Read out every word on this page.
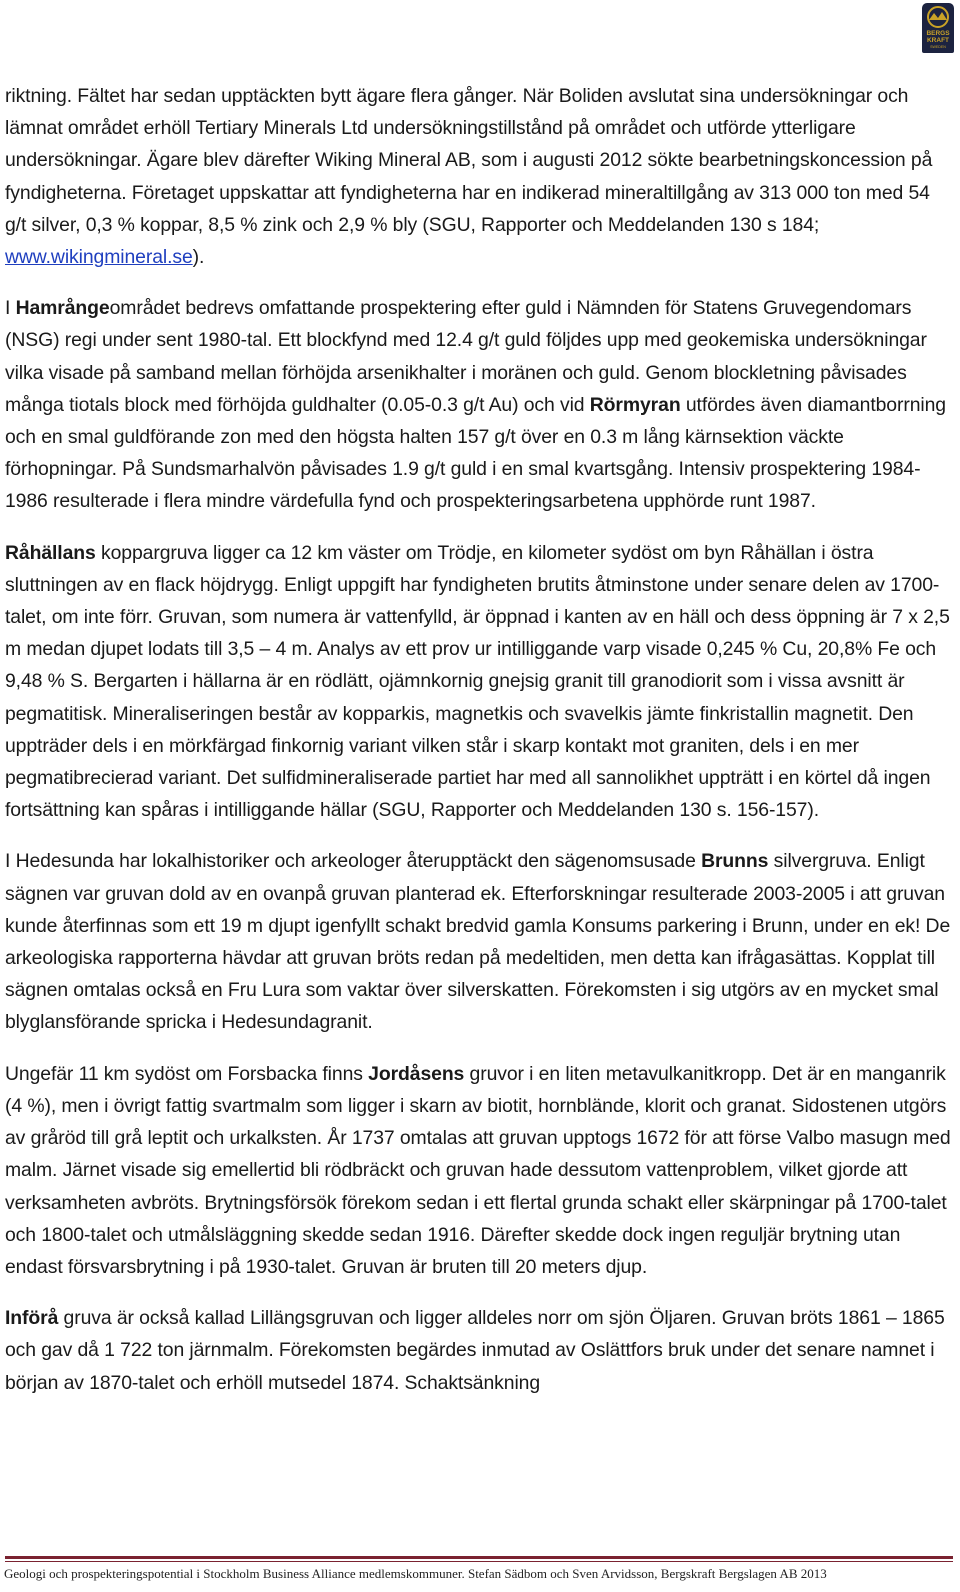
BERGS
KRAFT
SWEDEN

riktning. Fältet har sedan upptäckten bytt ägare flera gånger. När Boliden avslutat sina undersökningar och lämnat området erhöll Tertiary Minerals Ltd undersökningstillstånd på området och utförde ytterligare undersökningar. Ägare blev därefter Wiking Mineral AB, som i augusti 2012 sökte bearbetningskoncession på fyndigheterna. Företaget uppskattar att fyndigheterna har en indikerad mineraltillgång av 313 000 ton med 54 g/t silver, 0,3 % koppar, 8,5 % zink och 2,9 % bly (SGU, Rapporter och Meddelanden 130 s 184; www.wikingmineral.se).

I Hamrångeområdet bedrevs omfattande prospektering efter guld i Nämnden för Statens Gruvegendomars (NSG) regi under sent 1980-tal. Ett blockfynd med 12.4 g/t guld följdes upp med geokemiska undersökningar vilka visade på samband mellan förhöjda arsenikhalter i moränen och guld. Genom blockletning påvisades många tiotals block med förhöjda guldhalter (0.05-0.3 g/t Au) och vid Rörmyran utfördes även diamantborrning och en smal guldförande zon med den högsta halten 157 g/t över en 0.3 m lång kärnsektion väckte förhopningar. På Sundsmarhalvön påvisades 1.9 g/t guld i en smal kvartsgång. Intensiv prospektering 1984-1986 resulterade i flera mindre värdefulla fynd och prospekteringsarbetena upphörde runt 1987.

Råhällans koppargruva ligger ca 12 km väster om Trödje, en kilometer sydöst om byn Råhällan i östra sluttningen av en flack höjdrygg. Enligt uppgift har fyndigheten brutits åtminstone under senare delen av 1700-talet, om inte förr. Gruvan, som numera är vattenfylld, är öppnad i kanten av en häll och dess öppning är 7 x 2,5 m medan djupet lodats till 3,5 – 4 m. Analys av ett prov ur intilliggande varp visade 0,245 % Cu, 20,8% Fe och 9,48 % S. Bergarten i hällarna är en rödlätt, ojämnkornig gnejsig granit till granodiorit som i vissa avsnitt är pegmatitisk. Mineraliseringen består av kopparkis, magnetkis och svavelkis jämte finkristallin magnetit. Den uppträder dels i en mörkfärgad finkornig variant vilken står i skarp kontakt mot graniten, dels i en mer pegmatibrecierad variant. Det sulfidmineraliserade partiet har med all sannolikhet uppträtt i en körtel då ingen fortsättning kan spåras i intilliggande hällar (SGU, Rapporter och Meddelanden 130 s. 156-157).

I Hedesunda har lokalhistoriker och arkeologer återupptäckt den sägenomsusade Brunns silvergruva. Enligt sägnen var gruvan dold av en ovanpå gruvan planterad ek. Efterforskningar resulterade 2003-2005 i att gruvan kunde återfinnas som ett 19 m djupt igenfyllt schakt bredvid gamla Konsums parkering i Brunn, under en ek! De arkeologiska rapporterna hävdar att gruvan bröts redan på medeltiden, men detta kan ifrågasättas. Kopplat till sägnen omtalas också en Fru Lura som vaktar över silverskatten. Förekomsten i sig utgörs av en mycket smal blyglansförande spricka i Hedesundagranit.

Ungefär 11 km sydöst om Forsbacka finns Jordåsens gruvor i en liten metavulkanitkropp. Det är en manganrik (4 %), men i övrigt fattig svartmalm som ligger i skarn av biotit, hornblände, klorit och granat. Sidostenen utgörs av gråröd till grå leptit och urkalksten. År 1737 omtalas att gruvan upptogs 1672 för att förse Valbo masugn med malm. Järnet visade sig emellertid bli rödbräckt och gruvan hade dessutom vattenproblem, vilket gjorde att verksamheten avbröts. Brytningsförsök förekom sedan i ett flertal grunda schakt eller skärpningar på 1700-talet och 1800-talet och utmålsläggning skedde sedan 1916. Därefter skedde dock ingen reguljär brytning utan endast försvarsbrytning i på 1930-talet. Gruvan är bruten till 20 meters djup.

Införå gruva är också kallad Lillängsgruvan och ligger alldeles norr om sjön Öljaren. Gruvan bröts 1861 – 1865 och gav då 1 722 ton järnmalm. Förekomsten begärdes inmutad av Oslättfors bruk under det senare namnet i början av 1870-talet och erhöll mutsedel 1874. Schaktsänkning

Geologi och prospekteringspotential i Stockholm Business Alliance medlemskommuner. Stefan Sädbom och Sven Arvidsson, Bergskraft Bergslagen AB 2013
